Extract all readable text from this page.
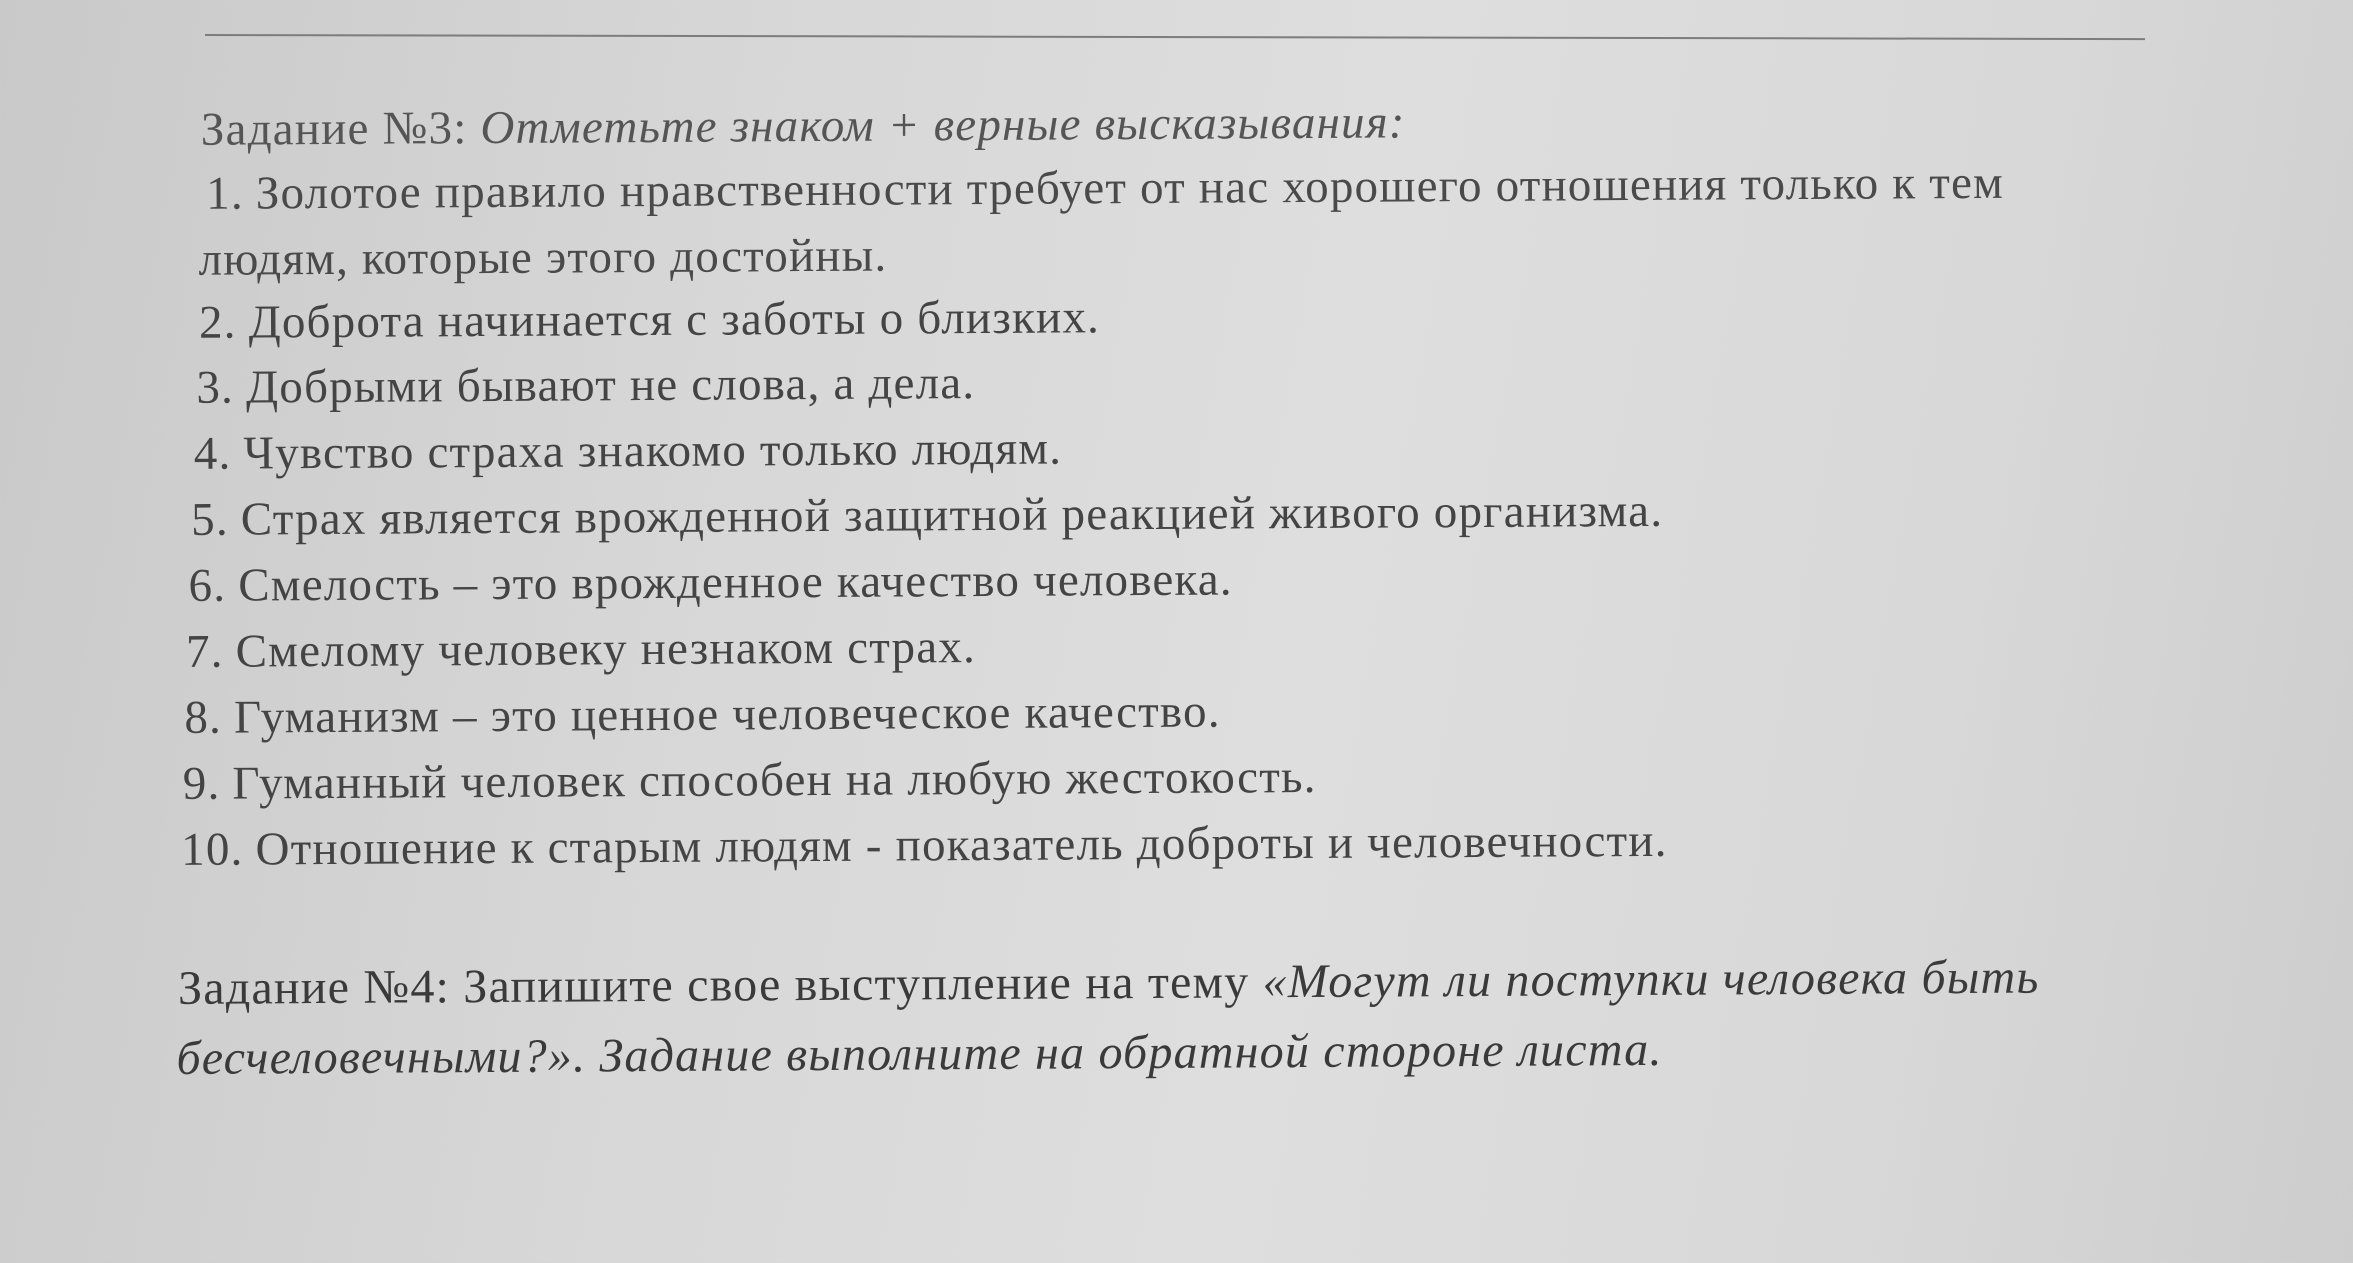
Задание №3: Отметьте знаком + верные высказывания:
1. Золотое правило нравственности требует от нас хорошего отношения только к тем
людям, которые этого достойны.
2. Доброта начинается с заботы о близких.
3. Добрыми бывают не слова, а дела.
4. Чувство страха знакомо только людям.
5. Страх является врожденной защитной реакцией живого организма.
6. Смелость – это врожденное качество человека.
7. Смелому человеку незнаком страх.
8. Гуманизм – это ценное человеческое качество.
9. Гуманный человек способен на любую жестокость.
10. Отношение к старым людям - показатель доброты и человечности.
Задание №4: Запишите свое выступление на тему «Могут ли поступки человека быть
бесчеловечными?». Задание выполните на обратной стороне листа.
